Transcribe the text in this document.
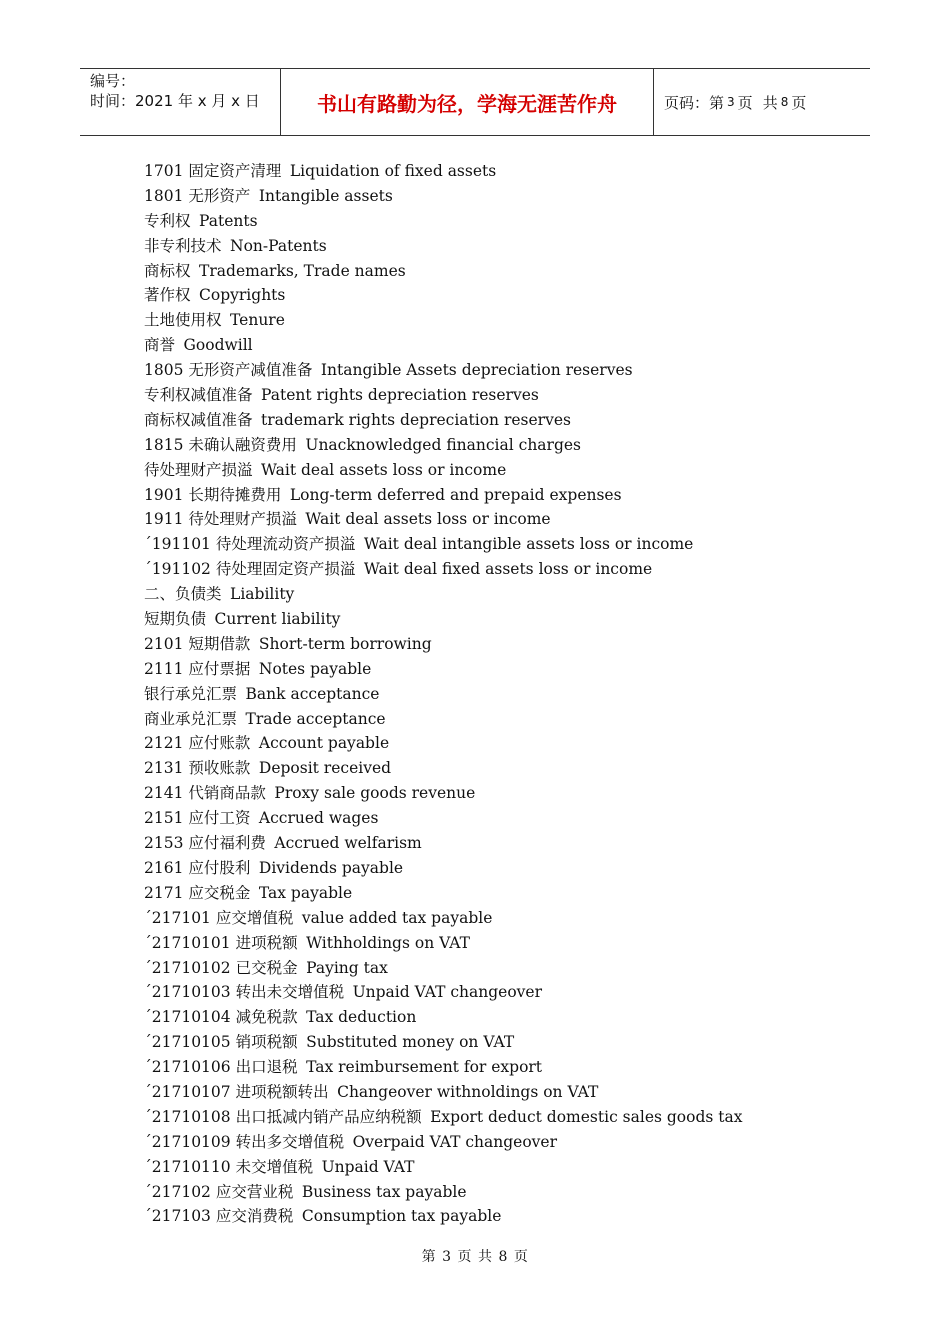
编号：
时间：2021 年 x 月 x 日	书山有路勤为径，学海无涯苦作舟	页码： 第 3 页 共 8 页
1701 固定资产清理 Liquidation of fixed assets
1801 无形资产 Intangible assets
专利权 Patents
非专利技术 Non-Patents
商标权 Trademarks, Trade names
著作权 Copyrights
土地使用权 Tenure
商誉 Goodwill
1805 无形资产减值准备 Intangible Assets depreciation reserves
专利权减值准备 Patent rights depreciation reserves
商标权减值准备 trademark rights depreciation reserves
1815 未确认融资费用 Unacknowledged financial charges
待处理财产损溢 Wait deal assets loss or income
1901 长期待摊费用 Long-term deferred and prepaid expenses
1911 待处理财产损溢 Wait deal assets loss or income
´191101 待处理流动资产损溢 Wait deal intangible assets loss or income
´191102 待处理固定资产损溢 Wait deal fixed assets loss or income
二、负债类 Liability
短期负债 Current liability
2101 短期借款 Short-term borrowing
2111 应付票据 Notes payable
银行承兑汇票 Bank acceptance
商业承兑汇票 Trade acceptance
2121 应付账款 Account payable
2131 预收账款 Deposit received
2141 代销商品款 Proxy sale goods revenue
2151 应付工资 Accrued wages
2153 应付福利费 Accrued welfarism
2161 应付股利 Dividends payable
2171 应交税金 Tax payable
´217101 应交增值税 value added tax payable
´21710101 进项税额 Withholdings on VAT
´21710102 已交税金 Paying tax
´21710103 转出未交增值税 Unpaid VAT changeover
´21710104 减免税款 Tax deduction
´21710105 销项税额 Substituted money on VAT
´21710106 出口退税 Tax reimbursement for export
´21710107 进项税额转出 Changeover withnoldings on VAT
´21710108 出口抵减内销产品应纳税额 Export deduct domestic sales goods tax
´21710109 转出多交增值税 Overpaid VAT changeover
´21710110 未交增值税 Unpaid VAT
´217102 应交营业税 Business tax payable
´217103 应交消费税 Consumption tax payable
第 3 页 共 8 页
